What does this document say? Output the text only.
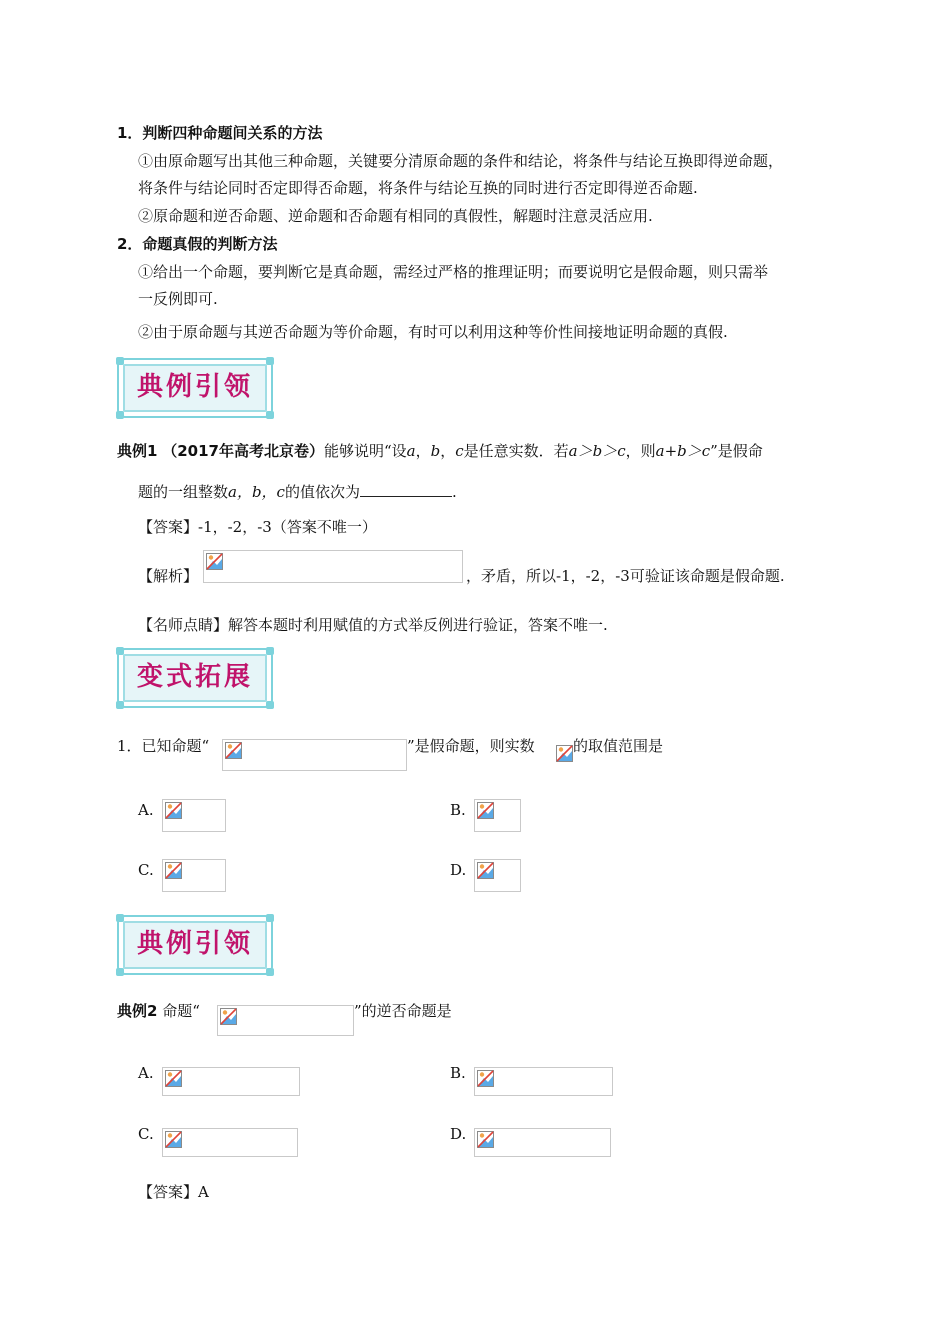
1．判断四种命题间关系的方法
①由原命题写出其他三种命题，关键要分清原命题的条件和结论，将条件与结论互换即得逆命题，
将条件与结论同时否定即得否命题，将条件与结论互换的同时进行否定即得逆否命题.
②原命题和逆否命题、逆命题和否命题有相同的真假性，解题时注意灵活应用.
2．命题真假的判断方法
①给出一个命题，要判断它是真命题，需经过严格的推理证明；而要说明它是假命题，则只需举
一反例即可.
②由于原命题与其逆否命题为等价命题，有时可以利用这种等价性间接地证明命题的真假.
典例引领
典例1 （2017年高考北京卷）能够说明“设a，b，c是任意实数．若a＞b＞c，则a+b＞c”是假命
题的一组整数a，b，c的值依次为	.
【答案】-1，-2，-3（答案不唯一）
【解析】	，矛盾，所以-1，-2，-3可验证该命题是假命题.
【名师点睛】解答本题时利用赋值的方式举反例进行验证，答案不唯一.
变式拓展
1．已知命题“	”是假命题，则实数	的取值范围是
A.	B.
C.	D.
典例引领
典例2 命题“	”的逆否命题是
A.	B.
C.	D.
【答案】A
